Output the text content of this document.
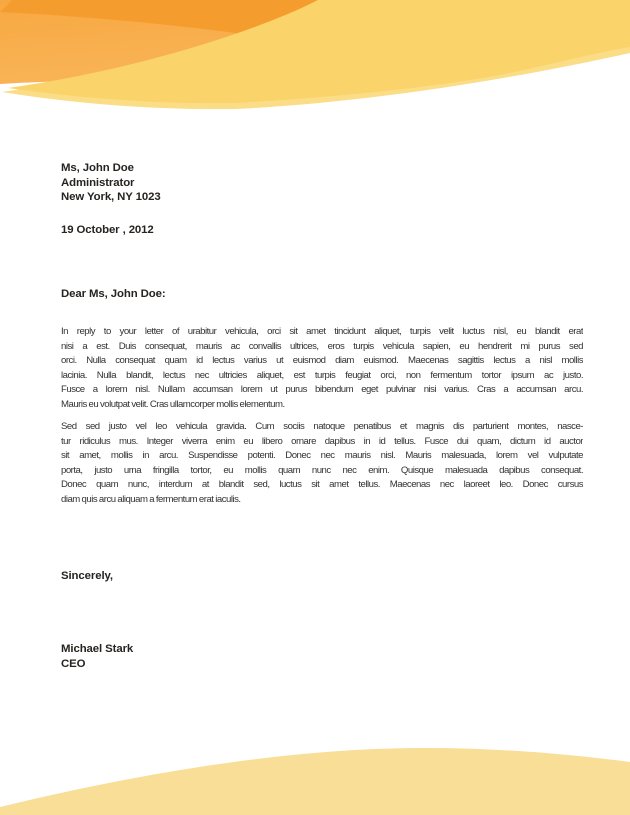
Ms, John Doe
Administrator
New York, NY 1023
19 October , 2012
Dear Ms, John Doe:
In reply to your letter of urabitur vehicula, orci sit amet tincidunt aliquet, turpis velit luctus nisl, eu blandit erat
nisi a est. Duis consequat, mauris ac convallis ultrices, eros turpis vehicula sapien, eu hendrerit mi purus sed
orci. Nulla consequat quam id lectus varius ut euismod diam euismod. Maecenas sagittis lectus a nisl mollis
lacinia. Nulla blandit, lectus nec ultricies aliquet, est turpis feugiat orci, non fermentum tortor ipsum ac justo.
Fusce a lorem nisl. Nullam accumsan lorem ut purus bibendum eget pulvinar nisi varius. Cras a accumsan arcu.
Mauris eu volutpat velit. Cras ullamcorper mollis elementum.
Sed sed justo vel leo vehicula gravida. Cum sociis natoque penatibus et magnis dis parturient montes, nasce-
tur ridiculus mus. Integer viverra enim eu libero ornare dapibus in id tellus. Fusce dui quam, dictum id auctor
sit amet, mollis in arcu. Suspendisse potenti. Donec nec mauris nisl. Mauris malesuada, lorem vel vulputate
porta, justo urna fringilla tortor, eu mollis quam nunc nec enim. Quisque malesuada dapibus consequat.
Donec quam nunc, interdum at blandit sed, luctus sit amet tellus. Maecenas nec laoreet leo. Donec cursus
diam quis arcu aliquam a fermentum erat iaculis.
Sincerely,
Michael Stark
CEO
